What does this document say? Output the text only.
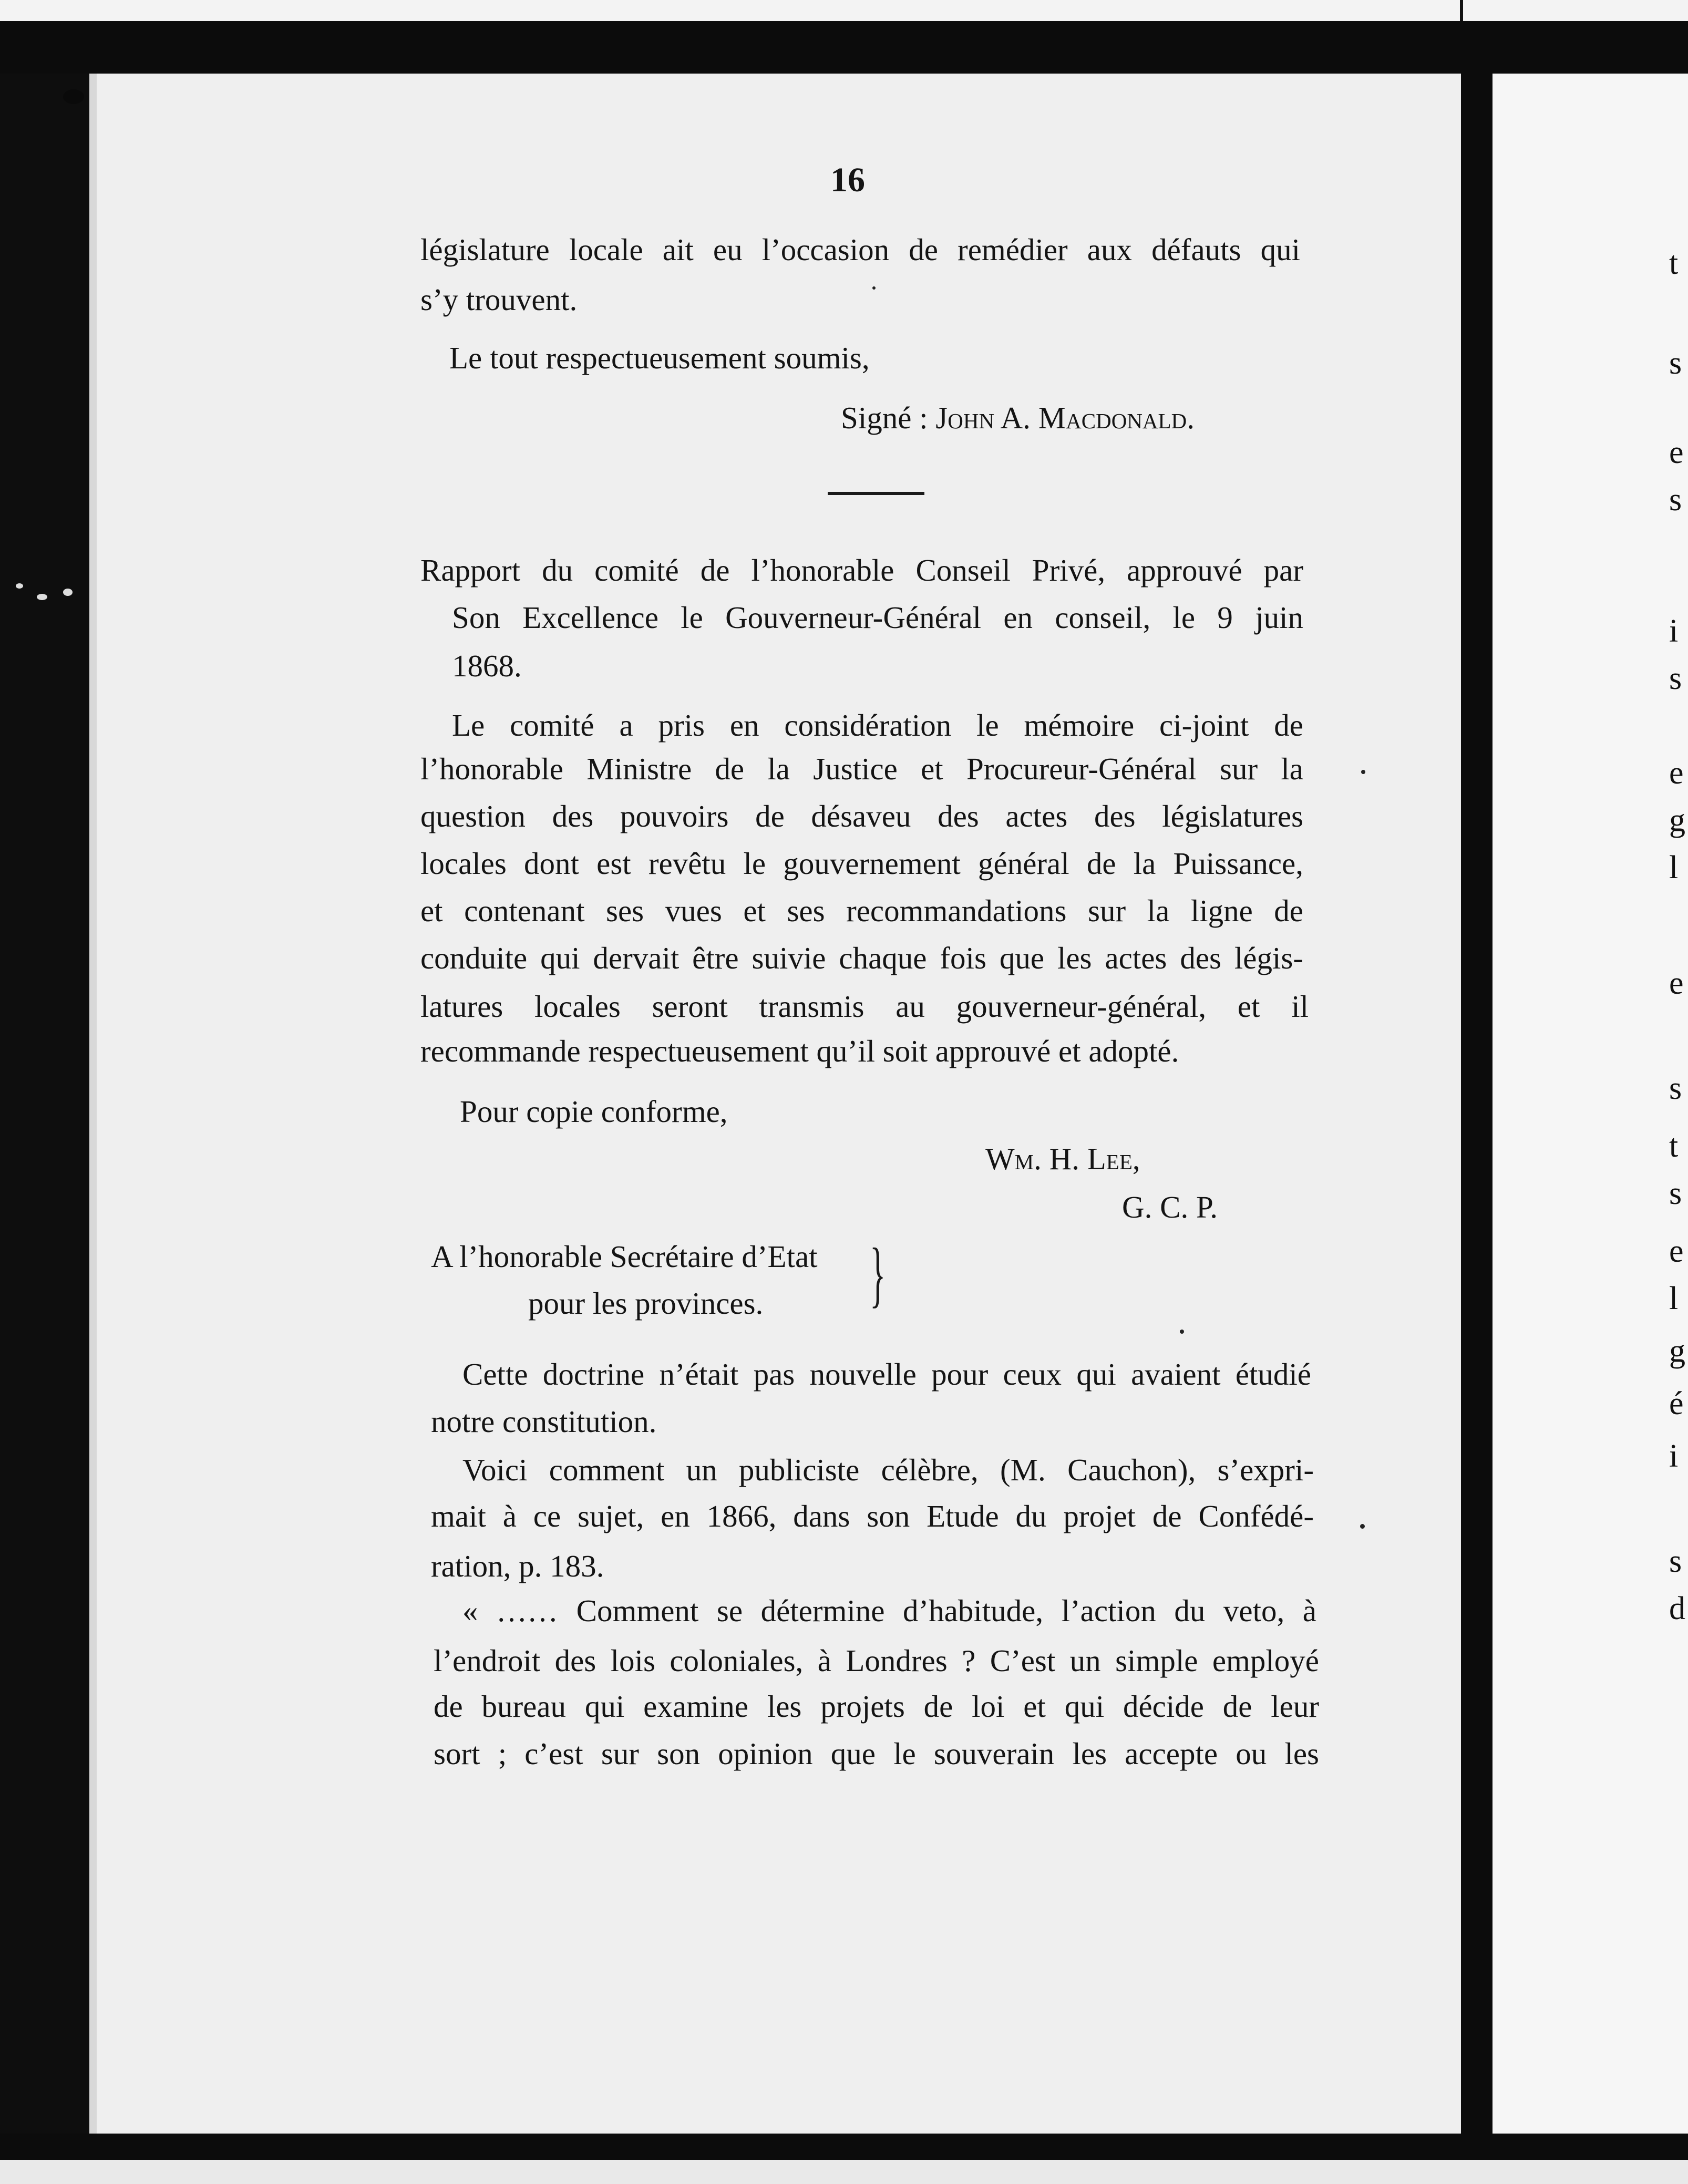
t
s
e
s
i
s
e
g
l
e
s
t
s
e
l
g
é
i
s
d
16
législature locale ait eu l’occasion de remédier aux défauts qui
s’y trouvent.
Le tout respectueusement soumis,
Signé : John A. Macdonald.
Rapport du comité de l’honorable Conseil Privé, approuvé par
Son Excellence le Gouverneur-Général en conseil, le 9 juin
1868.
Le comité a pris en considération le mémoire ci-joint de
l’honorable Ministre de la Justice et Procureur-Général sur la
question des pouvoirs de désaveu des actes des législatures
locales dont est revêtu le gouvernement général de la Puissance,
et contenant ses vues et ses recommandations sur la ligne de
conduite qui dervait être suivie chaque fois que les actes des légis-
latures locales seront transmis au gouverneur-général, et il
recommande respectueusement qu’il soit approuvé et adopté.
Pour copie conforme,
Wm. H. Lee,
G. C. P.
A l’honorable Secrétaire d’Etat
pour les provinces. }
Cette doctrine n’était pas nouvelle pour ceux qui avaient étudié
notre constitution.
Voici comment un publiciste célèbre, (M. Cauchon), s’expri-
mait à ce sujet, en 1866, dans son Etude du projet de Confédé-
ration, p. 183.
« …… Comment se détermine d’habitude, l’action du veto, à
l’endroit des lois coloniales, à Londres ? C’est un simple employé
de bureau qui examine les projets de loi et qui décide de leur
sort ; c’est sur son opinion que le souverain les accepte ou les
